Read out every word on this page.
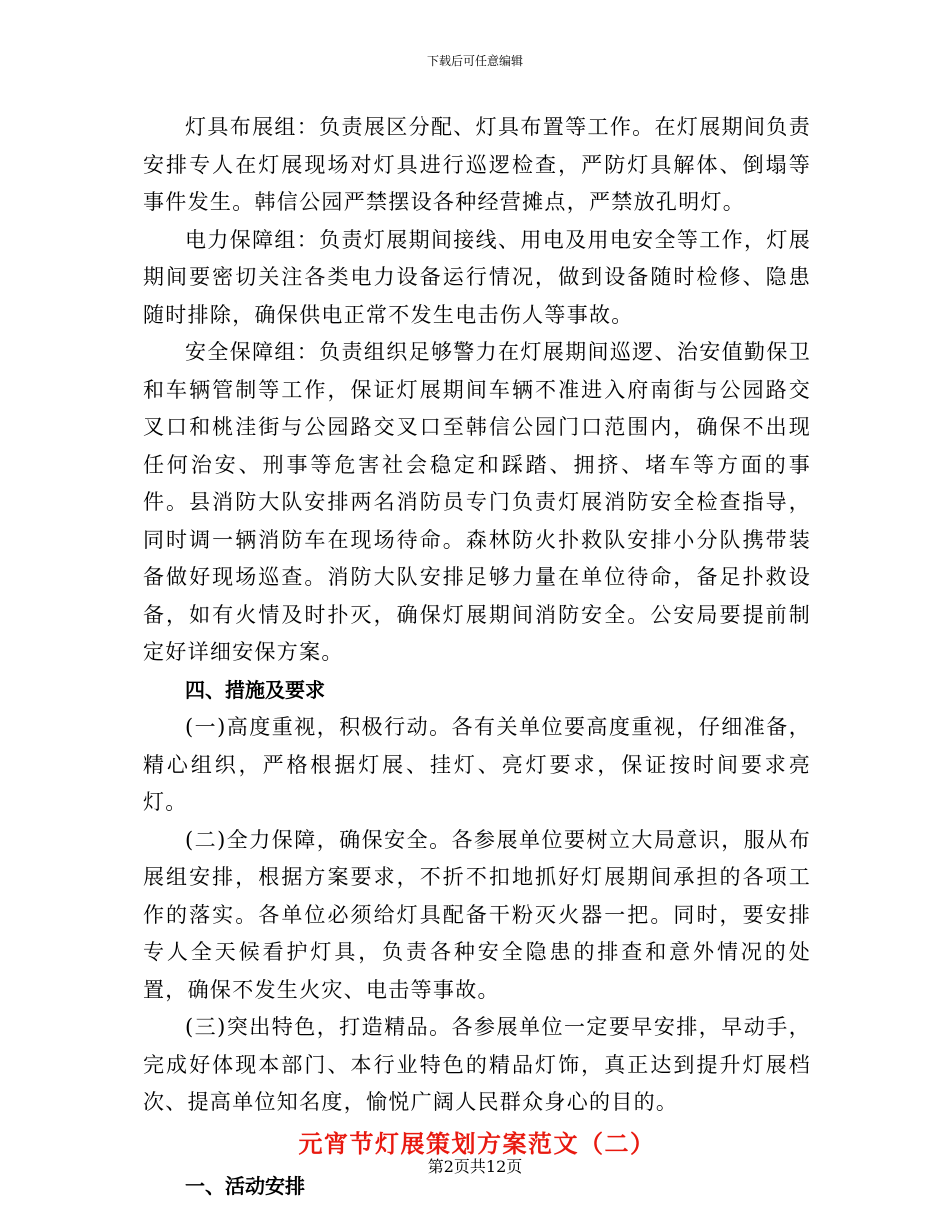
下载后可任意编辑

灯具布展组：负责展区分配、灯具布置等工作。在灯展期间负责安排专人在灯展现场对灯具进行巡逻检查，严防灯具解体、倒塌等事件发生。韩信公园严禁摆设各种经营摊点，严禁放孔明灯。

电力保障组：负责灯展期间接线、用电及用电安全等工作，灯展期间要密切关注各类电力设备运行情况，做到设备随时检修、隐患随时排除，确保供电正常不发生电击伤人等事故。

安全保障组：负责组织足够警力在灯展期间巡逻、治安值勤保卫和车辆管制等工作，保证灯展期间车辆不准进入府南街与公园路交叉口和桃洼街与公园路交叉口至韩信公园门口范围内，确保不出现任何治安、刑事等危害社会稳定和踩踏、拥挤、堵车等方面的事件。县消防大队安排两名消防员专门负责灯展消防安全检查指导，同时调一辆消防车在现场待命。森林防火扑救队安排小分队携带装备做好现场巡查。消防大队安排足够力量在单位待命，备足扑救设备，如有火情及时扑灭，确保灯展期间消防安全。公安局要提前制定好详细安保方案。

四、措施及要求

(一)高度重视，积极行动。各有关单位要高度重视，仔细准备，精心组织，严格根据灯展、挂灯、亮灯要求，保证按时间要求亮灯。

(二)全力保障，确保安全。各参展单位要树立大局意识，服从布展组安排，根据方案要求，不折不扣地抓好灯展期间承担的各项工作的落实。各单位必须给灯具配备干粉灭火器一把。同时，要安排专人全天候看护灯具，负责各种安全隐患的排查和意外情况的处置，确保不发生火灾、电击等事故。

(三)突出特色，打造精品。各参展单位一定要早安排，早动手，完成好体现本部门、本行业特色的精品灯饰，真正达到提升灯展档次、提高单位知名度，愉悦广阔人民群众身心的目的。

元宵节灯展策划方案范文（二）

一、活动安排

第2页共12页
